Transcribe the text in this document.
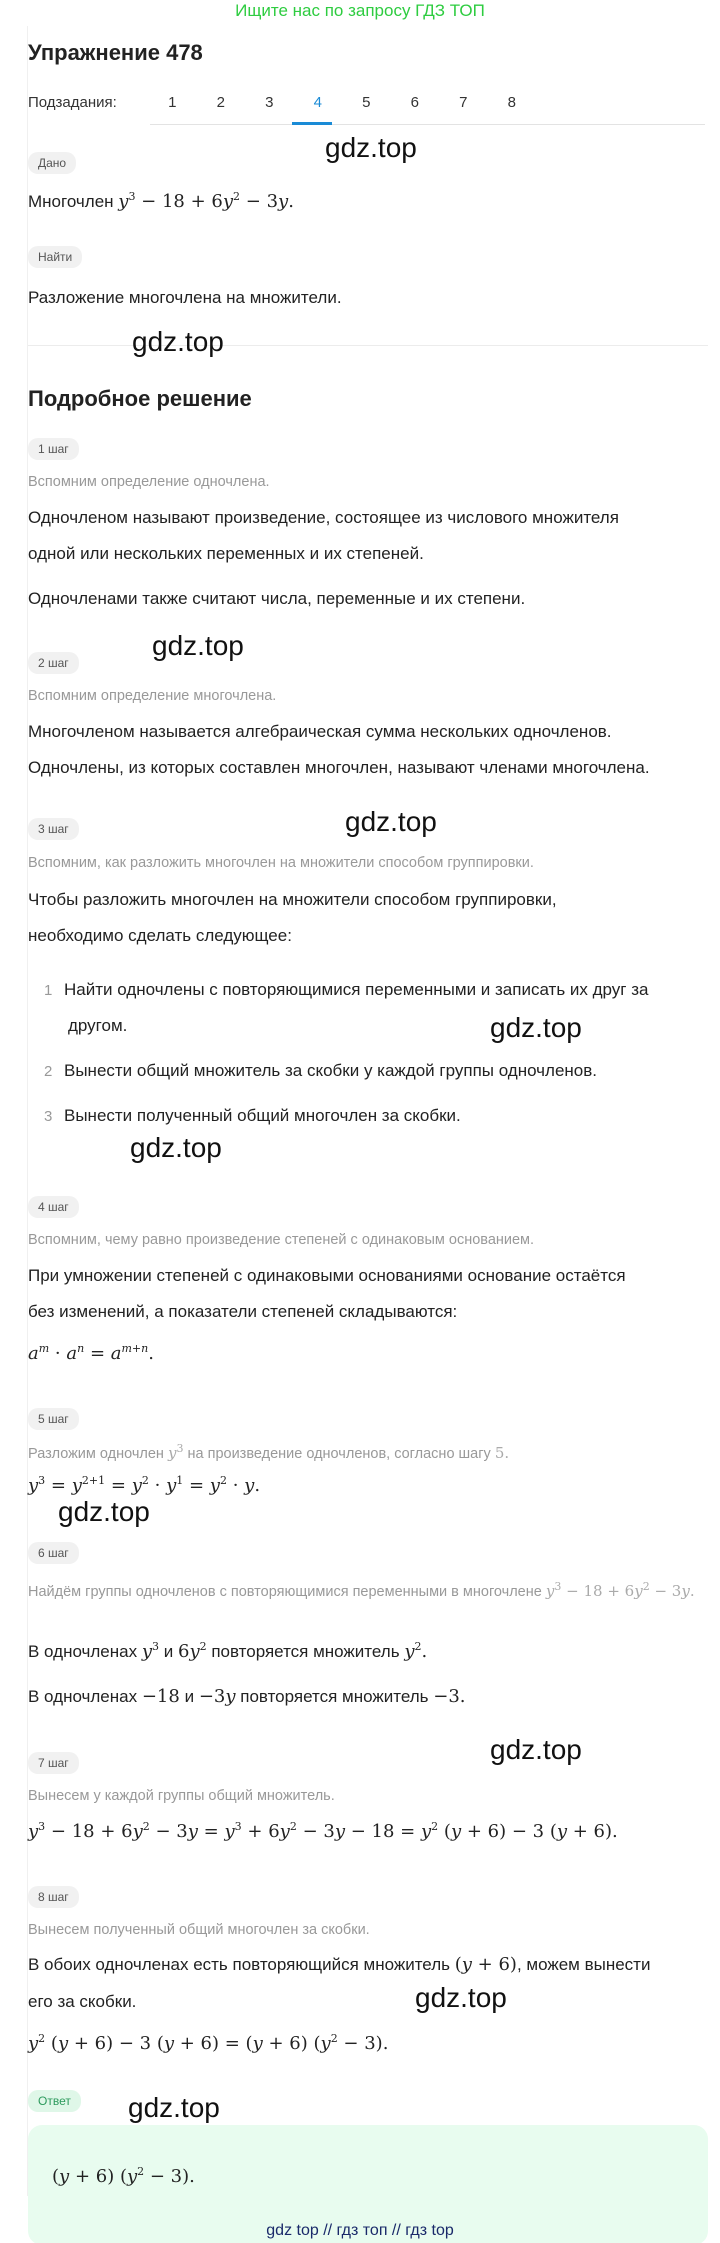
Ищите нас по запросу ГДЗ ТОП
Упражнение 478
Подзадания:	1	2	3	4	5	6	7	8
Дано
Многочлен $y^3 - 18 + 6y^2 - 3y$.
Найти
Разложение многочлена на множители.
gdz.top
gdz.top
Подробное решение
1 шаг
Вспомним определение одночлена.
Одночленом называют произведение, состоящее из числового множителя
одной или нескольких переменных и их степеней.
Одночленами также считают числа, переменные и их степени.
gdz.top
2 шаг
Вспомним определение многочлена.
Многочленом называется алгебраическая сумма нескольких одночленов.
Одночлены, из которых составлен многочлен, называют членами многочлена.
gdz.top
3 шаг
Вспомним, как разложить многочлен на множители способом группировки.
Чтобы разложить многочлен на множители способом группировки,
необходимо сделать следующее:
1 Найти одночлены с повторяющимися переменными и записать их друг за
другом.
2 Вынести общий множитель за скобки у каждой группы одночленов.
3 Вынести полученный общий многочлен за скобки.
gdz.top
gdz.top
4 шаг
Вспомним, чему равно произведение степеней с одинаковым основанием.
При умножении степеней с одинаковыми основаниями основание остаётся
без изменений, а показатели степеней складываются:
$a^m \cdot a^n = a^{m+n}$.
5 шаг
Разложим одночлен $y^3$ на произведение одночленов, согласно шагу 5.
$y^3 = y^{2+1} = y^2 \cdot y^1 = y^2 \cdot y$.
gdz.top
6 шаг
Найдём группы одночленов с повторяющимися переменными в многочлене $y^3 - 18 + 6y^2 - 3y$.
В одночленах $y^3$ и $6y^2$ повторяется множитель $y^2$.
В одночленах −18 и −3y повторяется множитель −3.
gdz.top
7 шаг
Вынесем у каждой группы общий множитель.
$y^3 - 18 + 6y^2 - 3y = y^3 + 6y^2 - 3y - 18 = y^2$ (y + 6) − 3 (y + 6).
8 шаг
Вынесем полученный общий многочлен за скобки.
В обоих одночленах есть повторяющийся множитель (y + 6), можем вынести
его за скобки.
$y^2$ (y + 6) − 3 (y + 6) = (y + 6) $(y^2 - 3)$.
gdz.top
Ответ	gdz.top
(y + 6) $(y^2 - 3)$.
gdz top // гдз топ // гдз top
